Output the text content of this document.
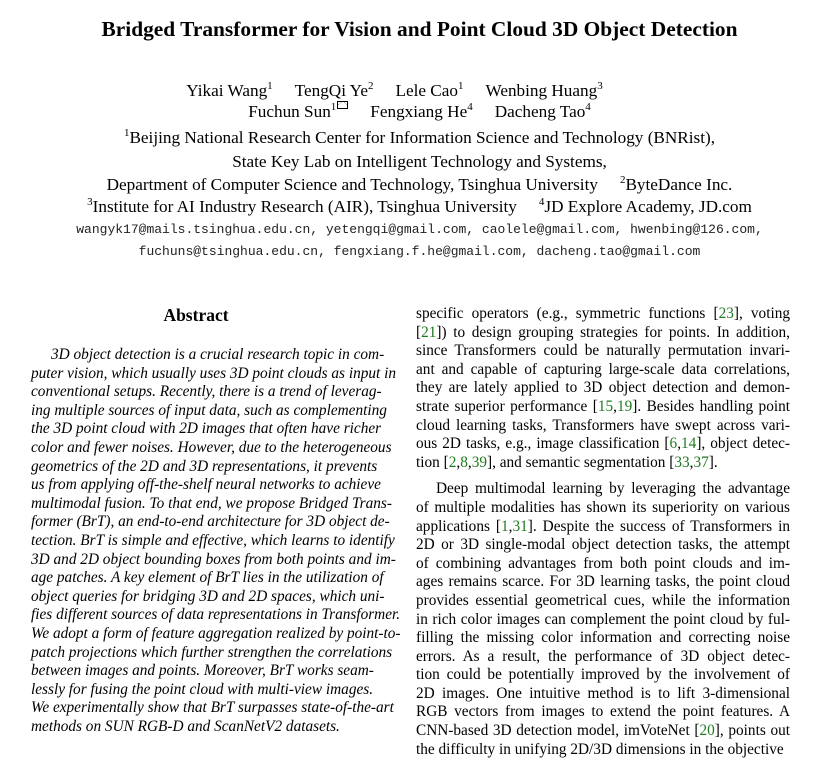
Bridged Transformer for Vision and Point Cloud 3D Object Detection
Yikai Wang$^1$ TengQi Ye$^2$ Lele Cao$^1$ Wenbing Huang$^3$
Fuchun Sun$^1$ Fengxiang He$^4$ Dacheng Tao$^4$
$^1$Beijing National Research Center for Information Science and Technology (BNRist),
State Key Lab on Intelligent Technology and Systems,
Department of Computer Science and Technology, Tsinghua University $^2$ByteDance Inc.
$^3$Institute for AI Industry Research (AIR), Tsinghua University $^4$JD Explore Academy, JD.com
wangyk17@mails.tsinghua.edu.cn, yetengqi@gmail.com, caolele@gmail.com, hwenbing@126.com,
fuchuns@tsinghua.edu.cn, fengxiang.f.he@gmail.com, dacheng.tao@gmail.com
Abstract
3D object detection is a crucial research topic in com-
puter vision, which usually uses 3D point clouds as input in
conventional setups. Recently, there is a trend of leverag-
ing multiple sources of input data, such as complementing
the 3D point cloud with 2D images that often have richer
color and fewer noises. However, due to the heterogeneous
geometrics of the 2D and 3D representations, it prevents
us from applying off-the-shelf neural networks to achieve
multimodal fusion. To that end, we propose Bridged Trans-
former (BrT), an end-to-end architecture for 3D object de-
tection. BrT is simple and effective, which learns to identify
3D and 2D object bounding boxes from both points and im-
age patches. A key element of BrT lies in the utilization of
object queries for bridging 3D and 2D spaces, which uni-
fies different sources of data representations in Transformer.
We adopt a form of feature aggregation realized by point-to-
patch projections which further strengthen the correlations
between images and points. Moreover, BrT works seam-
lessly for fusing the point cloud with multi-view images.
We experimentally show that BrT surpasses state-of-the-art
methods on SUN RGB-D and ScanNetV2 datasets.
specific operators (e.g., symmetric functions [23], voting
[21]) to design grouping strategies for points. In addition,
since Transformers could be naturally permutation invari-
ant and capable of capturing large-scale data correlations,
they are lately applied to 3D object detection and demon-
strate superior performance [15,19]. Besides handling point
cloud learning tasks, Transformers have swept across vari-
ous 2D tasks, e.g., image classification [6,14], object detec-
tion [2,8,39], and semantic segmentation [33,37].
Deep multimodal learning by leveraging the advantage
of multiple modalities has shown its superiority on various
applications [1,31]. Despite the success of Transformers in
2D or 3D single-modal object detection tasks, the attempt
of combining advantages from both point clouds and im-
ages remains scarce. For 3D learning tasks, the point cloud
provides essential geometrical cues, while the information
in rich color images can complement the point cloud by ful-
filling the missing color information and correcting noise
errors. As a result, the performance of 3D object detec-
tion could be potentially improved by the involvement of
2D images. One intuitive method is to lift 3-dimensional
RGB vectors from images to extend the point features. A
CNN-based 3D detection model, imVoteNet [20], points out
the difficulty in unifying 2D/3D dimensions in the objective
